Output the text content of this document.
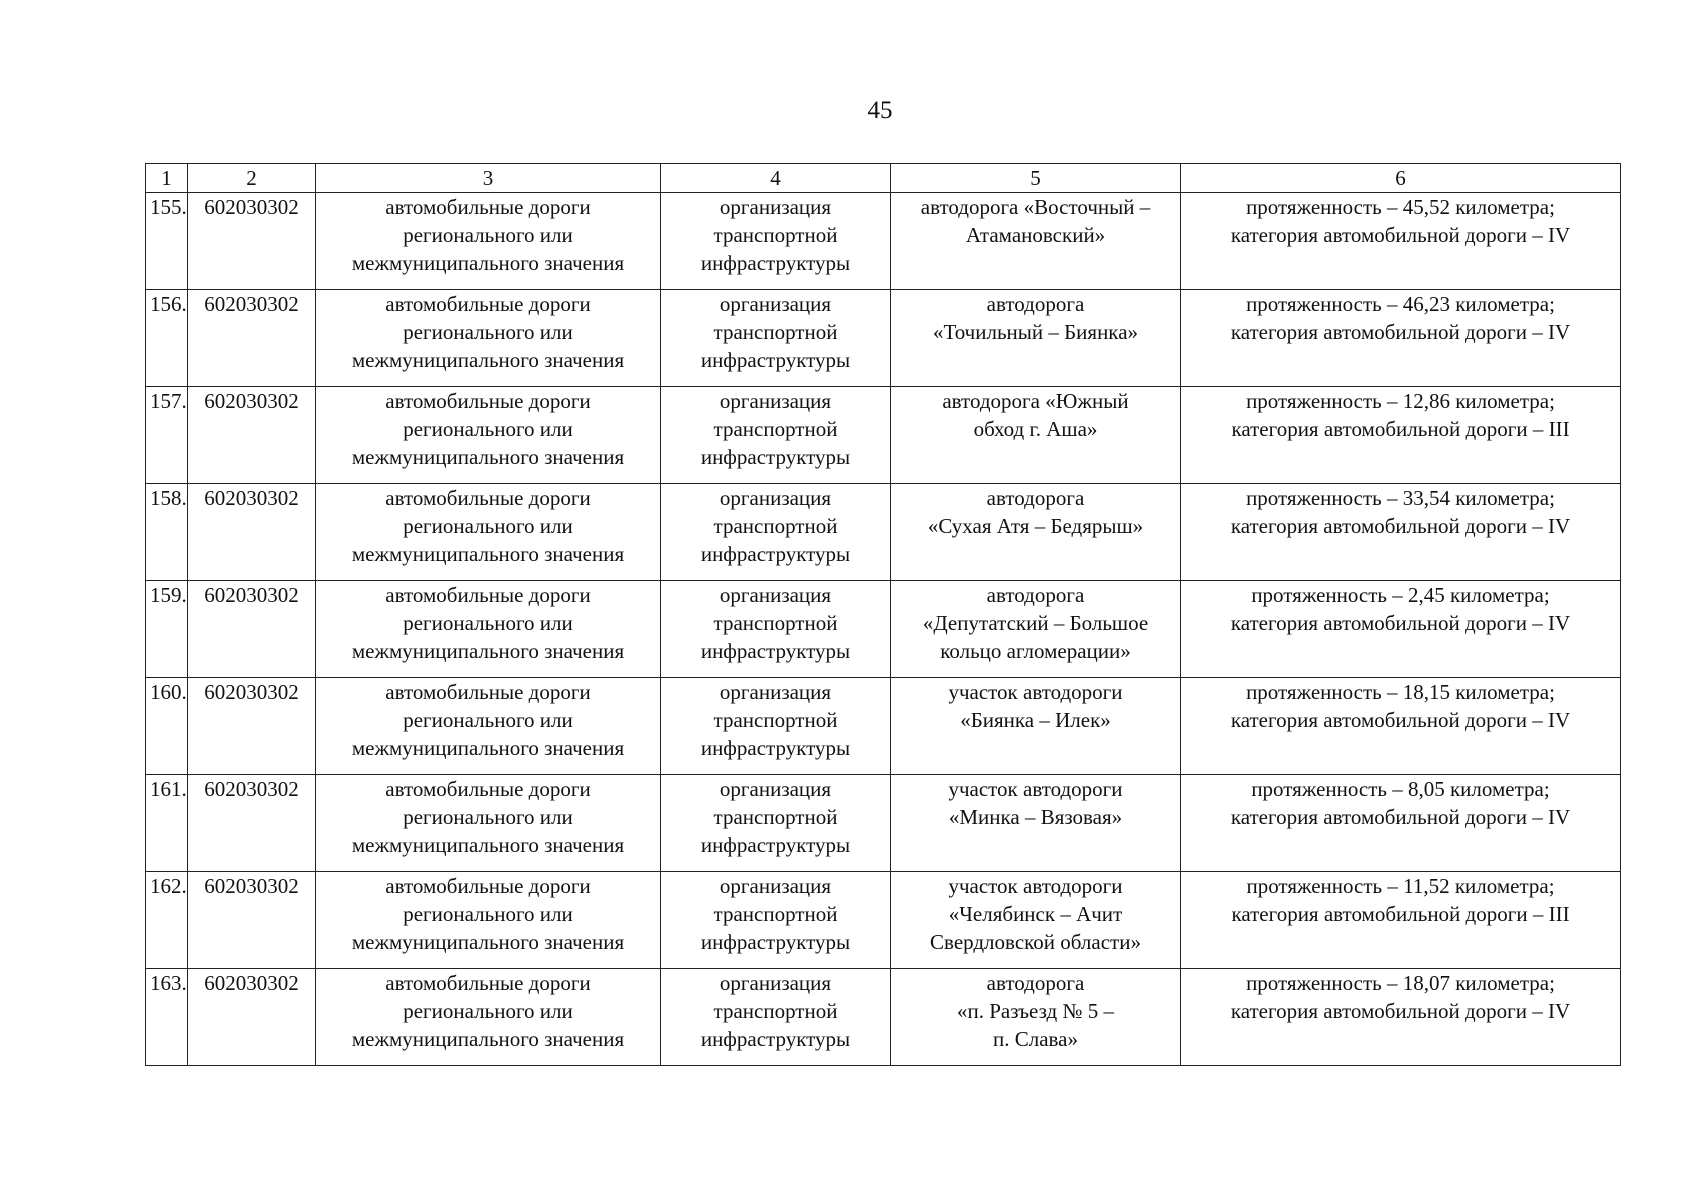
45
1	2	3	4	5	6
155.	602030302	автомобильные дороги
регионального или
межмуниципального значения	организация
транспортной
инфраструктуры	автодорога «Восточный –
Атамановский»	протяженность – 45,52 километра;
категория автомобильной дороги – IV

156.	602030302	автомобильные дороги
регионального или
межмуниципального значения	организация
транспортной
инфраструктуры	автодорога
«Точильный – Биянка»	протяженность – 46,23 километра;
категория автомобильной дороги – IV

157.	602030302	автомобильные дороги
регионального или
межмуниципального значения	организация
транспортной
инфраструктуры	автодорога «Южный
обход г. Аша»	протяженность – 12,86 километра;
категория автомобильной дороги – III

158.	602030302	автомобильные дороги
регионального или
межмуниципального значения	организация
транспортной
инфраструктуры	автодорога
«Сухая Атя – Бедярыш»	протяженность – 33,54 километра;
категория автомобильной дороги – IV

159.	602030302	автомобильные дороги
регионального или
межмуниципального значения	организация
транспортной
инфраструктуры	автодорога
«Депутатский – Большое
кольцо агломерации»	протяженность – 2,45 километра;
категория автомобильной дороги – IV

160.	602030302	автомобильные дороги
регионального или
межмуниципального значения	организация
транспортной
инфраструктуры	участок автодороги
«Биянка – Илек»	протяженность – 18,15 километра;
категория автомобильной дороги – IV

161.	602030302	автомобильные дороги
регионального или
межмуниципального значения	организация
транспортной
инфраструктуры	участок автодороги
«Минка – Вязовая»	протяженность – 8,05 километра;
категория автомобильной дороги – IV

162.	602030302	автомобильные дороги
регионального или
межмуниципального значения	организация
транспортной
инфраструктуры	участок автодороги
«Челябинск – Ачит
Свердловской области»	протяженность – 11,52 километра;
категория автомобильной дороги – III

163.	602030302	автомобильные дороги
регионального или
межмуниципального значения	организация
транспортной
инфраструктуры	автодорога
«п. Разъезд № 5 –
п. Слава»	протяженность – 18,07 километра;
категория автомобильной дороги – IV
